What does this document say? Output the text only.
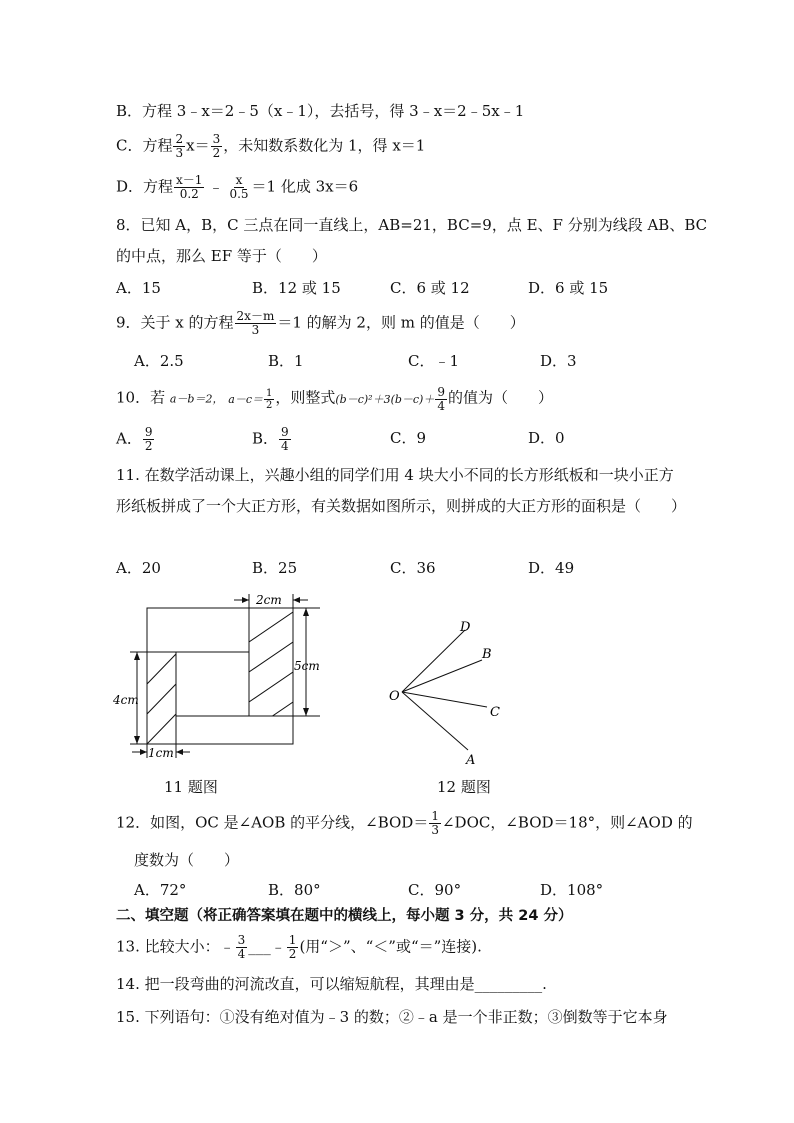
B．方程 3﹣x＝2﹣5（x﹣1），去括号，得 3﹣x＝2﹣5x﹣1
C．方程 $\frac{2}{3} x= \frac{3}{2}$ ，未知数系数化为 1，得 x＝1
D．方程 $\frac{x-1}{0.2}$ ﹣ $\frac{x}{0.5} =1$ 化成 3x＝6
8．已知 A，B，C 三点在同一直线上，AB=21，BC=9，点 E、F 分别为线段 AB、BC
的中点，那么 EF 等于（　　）
A．15	B．12 或 15	C．6 或 12	D．6 或 15
9．关于 x 的方程 $\frac{2x-m}{3} =1$ 的解为 2，则 m 的值是（　　）
A．2.5	B．1	C．﹣1	D．3
10．若 a－b＝2， $a-c= \frac{1}{2}$ ，则整式$(b-c)^2+3(b-c)+ \frac{9}{4}$ 的值为（　　）
A． $\frac{9}{2}$	B． $\frac{9}{4}$	C．9	D．0
11. 在数学活动课上，兴趣小组的同学们用 4 块大小不同的长方形纸板和一块小正方
形纸板拼成了一个大正方形，有关数据如图所示，则拼成的大正方形的面积是（　　）
A．20	B．25	C．36	D．49
2cm
5cm
4cm
1cm
11 题图
O
D
B
C
A
12 题图
12．如图，OC 是∠AOB 的平分线，∠BOD＝ $\frac{1}{3}$ ∠DOC，∠BOD＝18°，则∠AOD 的
度数为（　　）
A．72°	B．80°	C．90°	D．108°
二、填空题（将正确答案填在题中的横线上，每小题 3 分，共 24 分）
13. 比较大小：﹣ $\frac{3}{4}$ ___﹣ $\frac{1}{2}$ (用“＞”、“＜”或“＝”连接).
14. 把一段弯曲的河流改直，可以缩短航程，其理由是_________.
15. 下列语句：①没有绝对值为﹣3 的数；②﹣a 是一个非正数；③倒数等于它本身
